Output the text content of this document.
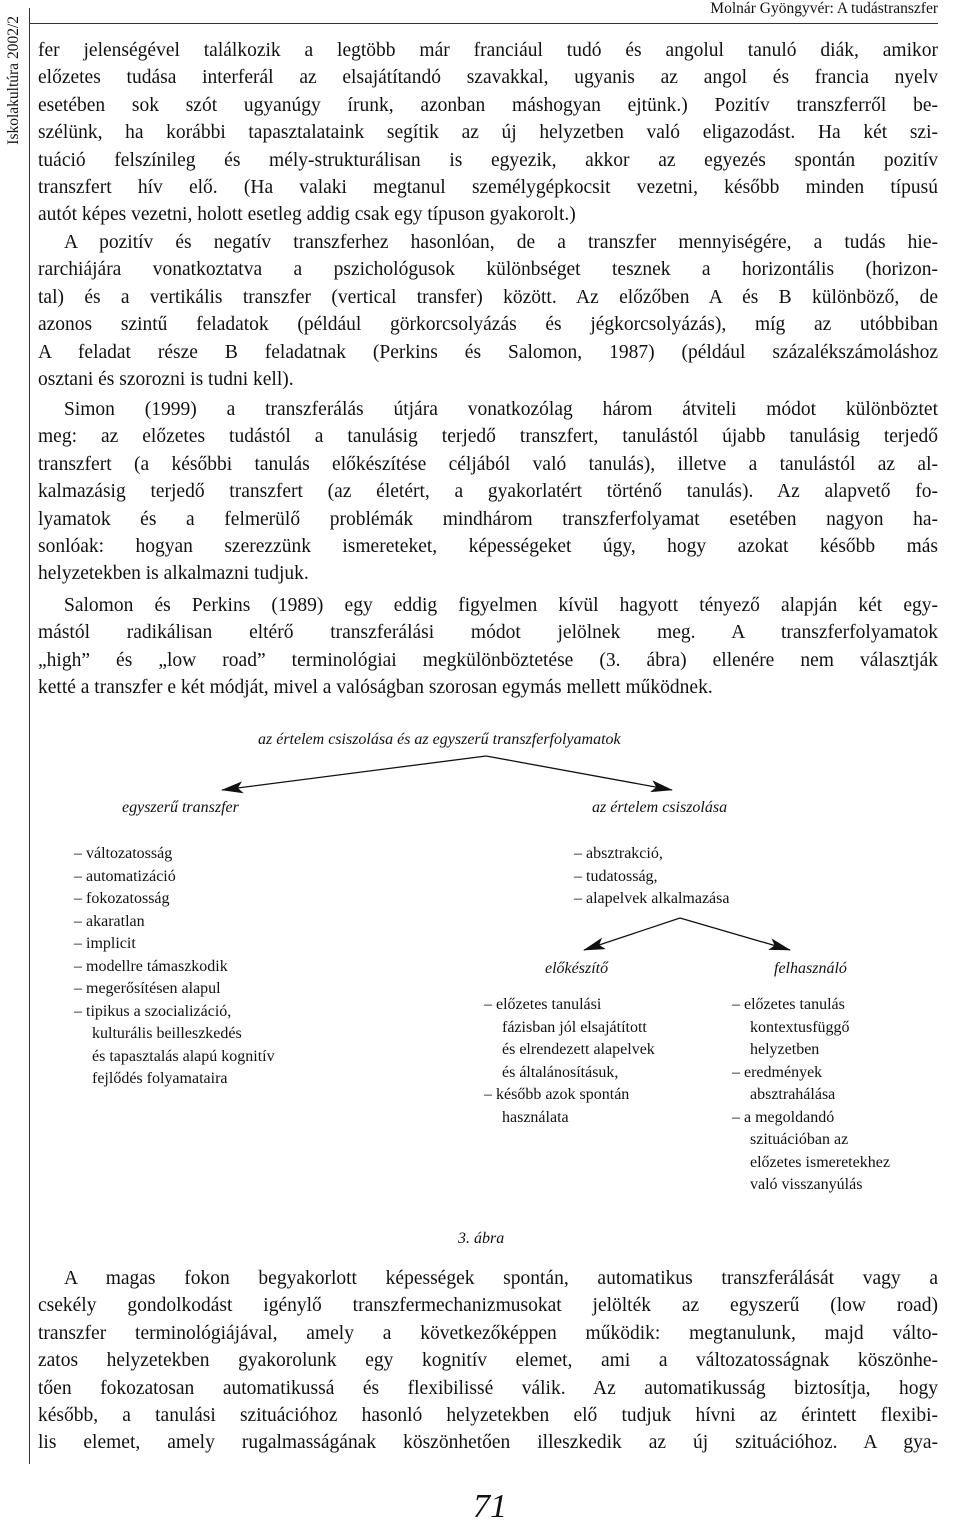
Iskolakultúra 2002/2
Molnár Gyöngyvér: A tudástranszfer
fer jelenségével találkozik a legtöbb már franciául tudó és angolul tanuló diák, amikor
előzetes tudása interferál az elsajátítandó szavakkal, ugyanis az angol és francia nyelv
esetében sok szót ugyanúgy írunk, azonban máshogyan ejtünk.) Pozitív transzferről be-
szélünk, ha korábbi tapasztalataink segítik az új helyzetben való eligazodást. Ha két szi-
tuáció felszínileg és mély-strukturálisan is egyezik, akkor az egyezés spontán pozitív
transzfert hív elő. (Ha valaki megtanul személygépkocsit vezetni, később minden típusú
autót képes vezetni, holott esetleg addig csak egy típuson gyakorolt.)
A pozitív és negatív transzferhez hasonlóan, de a transzfer mennyiségére, a tudás hie-
rarchiájára vonatkoztatva a pszichológusok különbséget tesznek a horizontális (horizon-
tal) és a vertikális transzfer (vertical transfer) között. Az előzőben A és B különböző, de
azonos szintű feladatok (például görkorcsolyázás és jégkorcsolyázás), míg az utóbbiban
A feladat része B feladatnak (Perkins és Salomon, 1987) (például százalékszámoláshoz
osztani és szorozni is tudni kell).
Simon (1999) a transzferálás útjára vonatkozólag három átviteli módot különböztet
meg: az előzetes tudástól a tanulásig terjedő transzfert, tanulástól újabb tanulásig terjedő
transzfert (a későbbi tanulás előkészítése céljából való tanulás), illetve a tanulástól az al-
kalmazásig terjedő transzfert (az életért, a gyakorlatért történő tanulás). Az alapvető fo-
lyamatok és a felmerülő problémák mindhárom transzferfolyamat esetében nagyon ha-
sonlóak: hogyan szerezzünk ismereteket, képességeket úgy, hogy azokat később más
helyzetekben is alkalmazni tudjuk.
Salomon és Perkins (1989) egy eddig figyelmen kívül hagyott tényező alapján két egy-
mástól radikálisan eltérő transzferálási módot jelölnek meg. A transzferfolyamatok
„high” és „low road” terminológiai megkülönböztetése (3. ábra) ellenére nem választják
ketté a transzfer e két módját, mivel a valóságban szorosan egymás mellett működnek.
az értelem csiszolása és az egyszerű transzferfolyamatok
egyszerű transzfer	az értelem csiszolása
– változatosság
– automatizáció
– fokozatosság
– akaratlan
– implicit
– modellre támaszkodik
– megerősítésen alapul
– tipikus a szocializáció,
kulturális beilleszkedés
és tapasztalás alapú kognitív
fejlődés folyamataira
– absztrakció,
– tudatosság,
– alapelvek alkalmazása
előkészítő	felhasználó
– előzetes tanulási
fázisban jól elsajátított
és elrendezett alapelvek
és általánosításuk,
– később azok spontán
használata
– előzetes tanulás
kontextusfüggő
helyzetben
– eredmények
absztrahálása
– a megoldandó
szituációban az
előzetes ismeretekhez
való visszanyúlás
3. ábra
A magas fokon begyakorlott képességek spontán, automatikus transzferálását vagy a
csekély gondolkodást igénylő transzfermechanizmusokat jelölték az egyszerű (low road)
transzfer terminológiájával, amely a következőképpen működik: megtanulunk, majd válto-
zatos helyzetekben gyakorolunk egy kognitív elemet, ami a változatosságnak köszönhe-
tően fokozatosan automatikussá és flexibilissé válik. Az automatikusság biztosítja, hogy
később, a tanulási szituációhoz hasonló helyzetekben elő tudjuk hívni az érintett flexibi-
lis elemet, amely rugalmasságának köszönhetően illeszkedik az új szituációhoz. A gya-
71
